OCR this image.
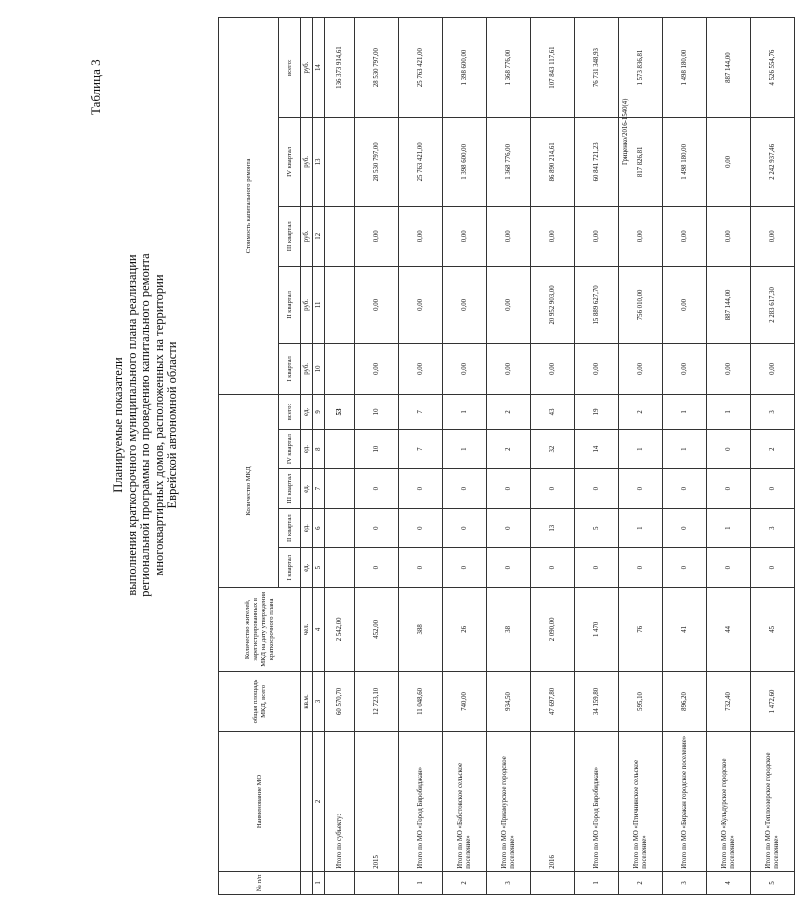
Таблица 3
Планируемые показатели выполнения краткосрочного муниципального плана реализации региональной программы по проведению капитального ремонта многоквартирных домов, расположенных на территории Еврейской автономной области
№ п/п	Наименование МО	общая площадь МКД, всего	Количество жителей, зарегистрированных в МКД на дату утверждения краткосрочного плана	Количество МКД					Стоимость капитального ремонта				
				I квартал	II квартал	III квартал	IV квартал	всего:	I квартал	II квартал	III квартал	IV квартал	всего:
		кв.м.	чел.	ед.	ед.	ед.	ед.	ед.	руб.	руб.	руб.	руб.	руб.
1	2	3	4	5	6	7	8	9	10	11	12	13	14
	Итого по субъекту:	60 570,70	2 542,00					53					136 373 914,61
	2015	12 723,10	452,00	0	0	0	10	10	0,00	0,00	0,00	28 530 797,00	28 530 797,00
1	Итого по МО «Город Биробиджан»	11 048,60	388	0	0	0	7	7	0,00	0,00	0,00	25 763 421,00	25 763 421,00
2	Итого по МО «Бабстовское сельское поселение»	740,00	26	0	0	0	1	1	0,00	0,00	0,00	1 398 600,00	1 398 600,00
3	Итого по МО «Приамурское городское поселение»	934,50	38	0	0	0	2	2	0,00	0,00	0,00	1 368 776,00	1 368 776,00
	2016	47 697,80	2 090,00	0	13	0	32	43	0,00	20 952 903,00	0,00	86 890 214,61	107 843 117,61
1	Итого по МО «Город Биробиджан»	34 159,80	1 470	0	5	0	14	19	0,00	15 889 627,70	0,00	60 841 721,23	76 731 348,93
2	Итого по МО «Птичнинское сельское поселение»	595,10	76	0	1	0	1	2	0,00	756 010,00	0,00	817 826,81	1 573 836,81
3	Итого по МО «Биракан городское поселение»	896,20	41	0	0	0	1	1	0,00	0,00	0,00	1 498 180,00	1 498 180,00
4	Итого по МО «Кульдурское городское поселение»	732,40	44	0	1	0	0	1	0,00	887 144,00	0,00	0,00	887 144,00
5	Итого по МО «Теплоозерское городское поселение»	1 472,60	45	0	3	0	2	3	0,00	2 283 617,30	0,00	2 242 937,46	4 526 554,76
Гриценко/2016-1540(4)
